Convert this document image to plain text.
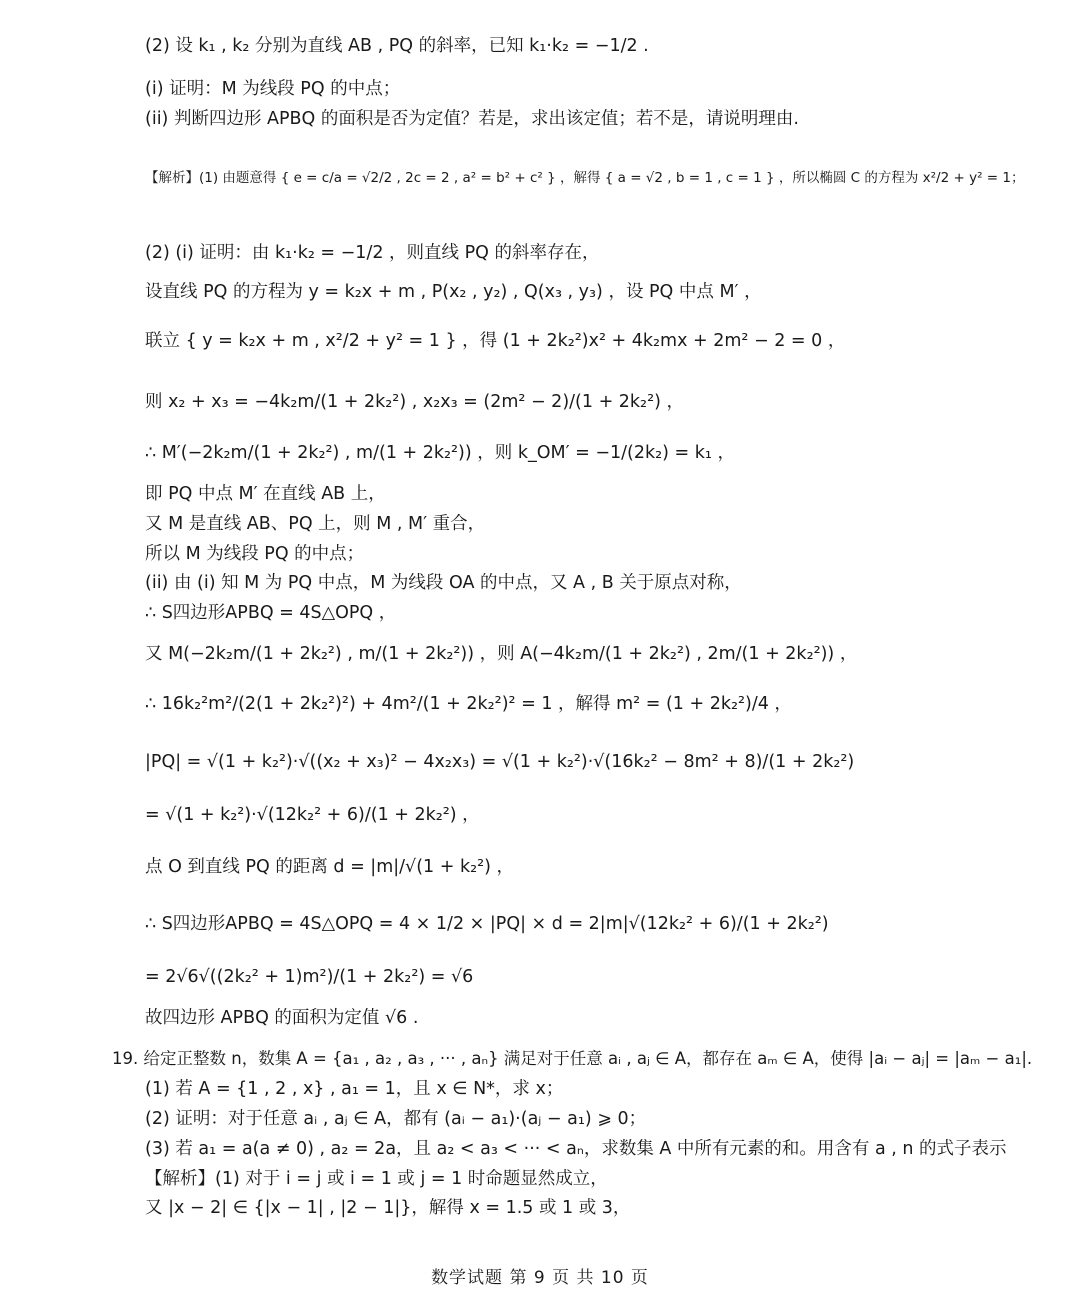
(2) 设 k₁ , k₂ 分别为直线 AB , PQ 的斜率，已知 k₁·k₂ = −1/2 .
(i) 证明：M 为线段 PQ 的中点；
(ii) 判断四边形 APBQ 的面积是否为定值？若是，求出该定值；若不是，请说明理由.
【解析】(1) 由题意得 { e = c/a = √2/2 , 2c = 2 , a² = b² + c² } ，解得 { a = √2 , b = 1 , c = 1 } ，所以椭圆 C 的方程为 x²/2 + y² = 1；
(2) (i) 证明：由 k₁·k₂ = −1/2 ，则直线 PQ 的斜率存在，
设直线 PQ 的方程为 y = k₂x + m , P(x₂ , y₂) , Q(x₃ , y₃) ，设 PQ 中点 M′ ，
联立 { y = k₂x + m , x²/2 + y² = 1 } ，得 (1 + 2k₂²)x² + 4k₂mx + 2m² − 2 = 0 ，
则 x₂ + x₃ = −4k₂m/(1 + 2k₂²) , x₂x₃ = (2m² − 2)/(1 + 2k₂²) ，
∴ M′(−2k₂m/(1 + 2k₂²) , m/(1 + 2k₂²)) ，则 k_OM′ = −1/(2k₂) = k₁ ，
即 PQ 中点 M′ 在直线 AB 上，
又 M 是直线 AB、PQ 上，则 M , M′ 重合，
所以 M 为线段 PQ 的中点；
(ii) 由 (i) 知 M 为 PQ 中点，M 为线段 OA 的中点，又 A , B 关于原点对称，
∴ S四边形APBQ = 4S△OPQ ，
又 M(−2k₂m/(1 + 2k₂²) , m/(1 + 2k₂²)) ，则 A(−4k₂m/(1 + 2k₂²) , 2m/(1 + 2k₂²)) ，
∴ 16k₂²m²/(2(1 + 2k₂²)²) + 4m²/(1 + 2k₂²)² = 1 ，解得 m² = (1 + 2k₂²)/4 ，
|PQ| = √(1 + k₂²)·√((x₂ + x₃)² − 4x₂x₃) = √(1 + k₂²)·√(16k₂² − 8m² + 8)/(1 + 2k₂²)
= √(1 + k₂²)·√(12k₂² + 6)/(1 + 2k₂²) ，
点 O 到直线 PQ 的距离 d = |m|/√(1 + k₂²) ，
∴ S四边形APBQ = 4S△OPQ = 4 × 1/2 × |PQ| × d = 2|m|√(12k₂² + 6)/(1 + 2k₂²)
= 2√6√((2k₂² + 1)m²)/(1 + 2k₂²) = √6
故四边形 APBQ 的面积为定值 √6 .
19. 给定正整数 n，数集 A = {a₁ , a₂ , a₃ , ··· , aₙ} 满足对于任意 aᵢ , aⱼ ∈ A，都存在 aₘ ∈ A，使得 |aᵢ − aⱼ| = |aₘ − a₁|.
(1) 若 A = {1 , 2 , x} , a₁ = 1，且 x ∈ N*，求 x；
(2) 证明：对于任意 aᵢ , aⱼ ∈ A，都有 (aᵢ − a₁)·(aⱼ − a₁) ⩾ 0；
(3) 若 a₁ = a(a ≠ 0) , a₂ = 2a，且 a₂ < a₃ < ··· < aₙ，求数集 A 中所有元素的和。用含有 a , n 的式子表示
【解析】(1) 对于 i = j 或 i = 1 或 j = 1 时命题显然成立，
又 |x − 2| ∈ {|x − 1| , |2 − 1|}，解得 x = 1.5 或 1 或 3，
数学试题 第 9 页 共 10 页
